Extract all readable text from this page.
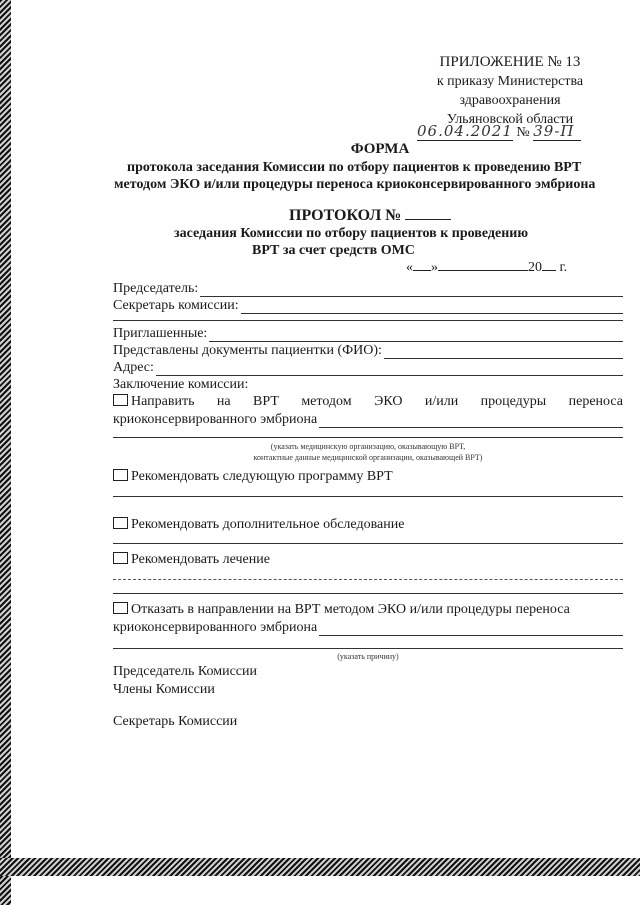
ПРИЛОЖЕНИЕ № 13
к приказу Министерства
здравоохранения
Ульяновской области
06.04.2021 № 39-П
ФОРМА
протокола заседания Комиссии по отбору пациентов к проведению ВРТ
методом ЭКО и/или процедуры переноса криоконсервированного эмбриона
ПРОТОКОЛ №
заседания Комиссии по отбору пациентов к проведению
ВРТ за счет средств ОМС
« »	20 г.
Председатель:
Секретарь комиссии:
Приглашенные:
Представлены документы пациентки (ФИО):
Адрес:
Заключение комиссии:
Направить на ВРТ методом ЭКО и/или процедуры переноса
криоконсервированного эмбриона
(указать медицинскую организацию, оказывающую ВРТ,
контактные данные медицинской организации, оказывающей ВРТ)
Рекомендовать следующую программу ВРТ
Рекомендовать дополнительное обследование
Рекомендовать лечение
Отказать в направлении на ВРТ методом ЭКО и/или процедуры переноса
криоконсервированного эмбриона
(указать причину)
Председатель Комиссии
Члены Комиссии
Секретарь Комиссии
